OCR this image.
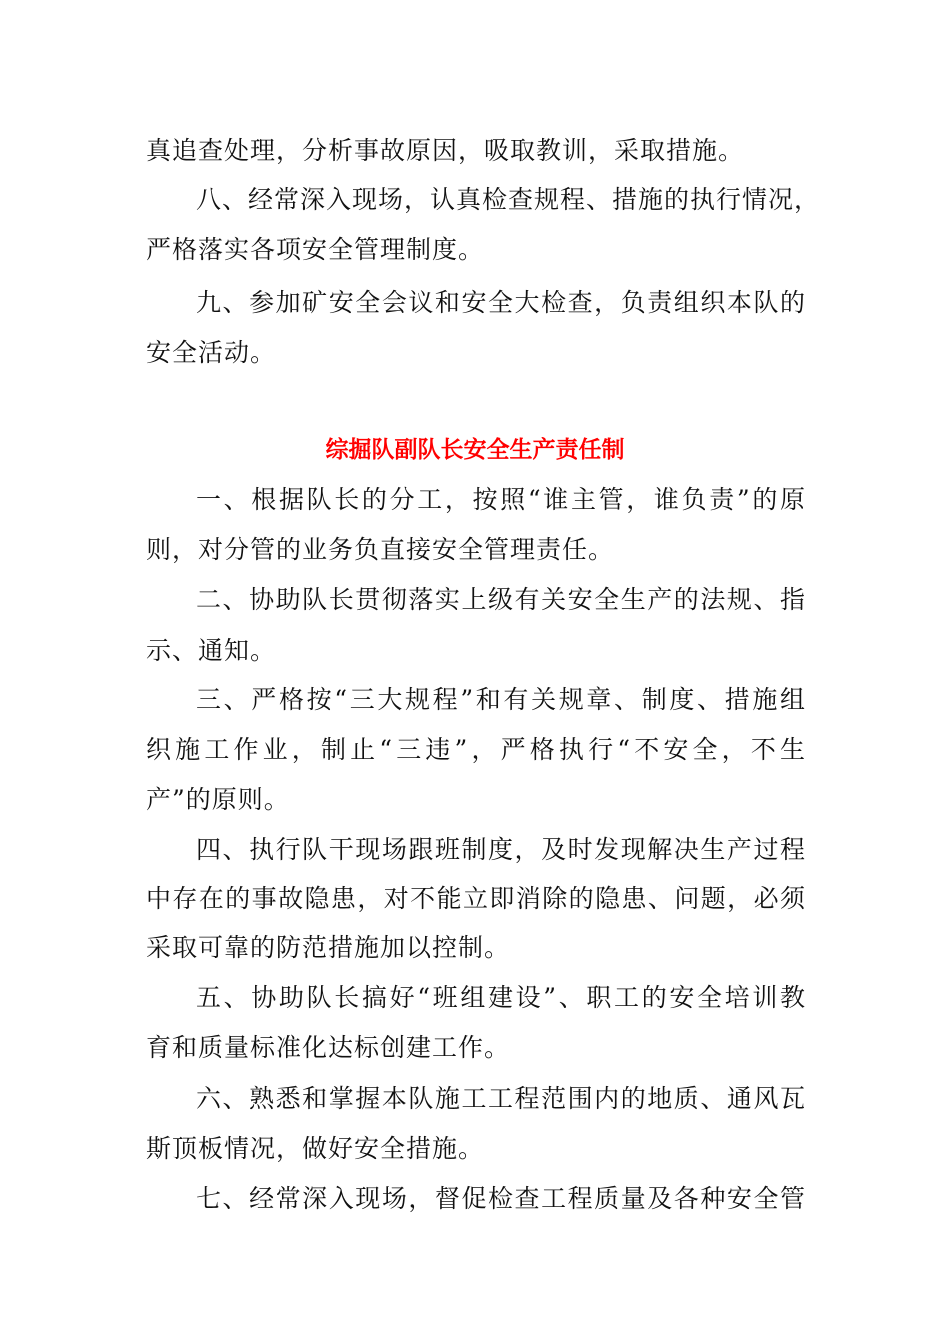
真追查处理，分析事故原因，吸取教训，采取措施。
八、经常深入现场，认真检查规程、措施的执行情况，
严格落实各项安全管理制度。
九、参加矿安全会议和安全大检查，负责组织本队的
安全活动。
综掘队副队长安全生产责任制
一、根据队长的分工，按照“谁主管，谁负责”的原
则，对分管的业务负直接安全管理责任。
二、协助队长贯彻落实上级有关安全生产的法规、指
示、通知。
三、严格按“三大规程”和有关规章、制度、措施组
织施工作业，制止“三违”，严格执行“不安全，不生
产”的原则。
四、执行队干现场跟班制度，及时发现解决生产过程
中存在的事故隐患，对不能立即消除的隐患、问题，必须
采取可靠的防范措施加以控制。
五、协助队长搞好“班组建设”、职工的安全培训教
育和质量标准化达标创建工作。
六、熟悉和掌握本队施工工程范围内的地质、通风瓦
斯顶板情况，做好安全措施。
七、经常深入现场，督促检查工程质量及各种安全管
